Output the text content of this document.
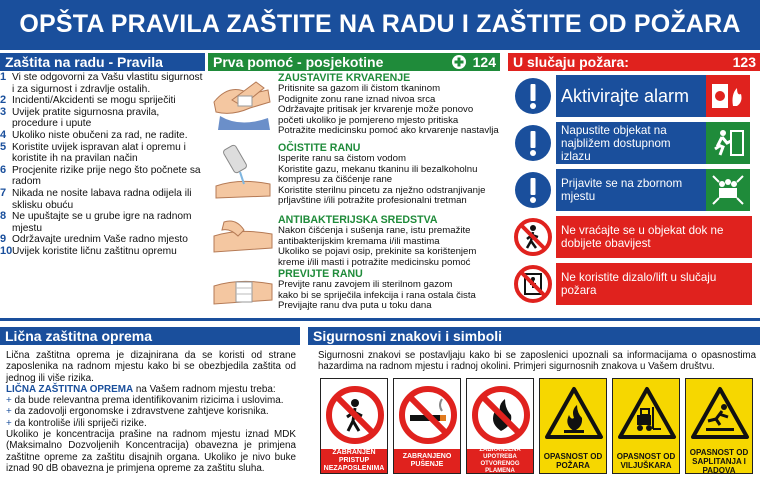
OPŠTA PRAVILA ZAŠTITE NA RADU I ZAŠTITE OD POŽARA
Zaštita na radu - Pravila	Prva pomoć - posjekotine	124	U slučaju požara:	123
1 Vi ste odgovorni za Vašu vlastitu sigurnost i za sigurnost i zdravlje ostalih.
2 Incidenti/Akcidenti se mogu spriječiti
3 Uvijek pratite sigurnosna pravila, procedure i upute
4 Ukoliko niste obučeni za rad, ne radite.
5 Koristite uvijek ispravan alat i opremu i koristite ih na pravilan način
6 Procjenite rizike prije nego što počnete sa radom
7 Nikada ne nosite labava radna odijela ili sklisku obuću
8 Ne upuštajte se u grube igre na radnom mjestu
9 Održavajte urednim Vaše radno mjesto
10 Uvijek koristite ličnu zaštitnu opremu
ZAUSTAVITE KRVARENJE
Pritisnite sa gazom ili čistom tkaninom
Podignite zonu rane iznad nivoa srca
Održavajte pritisak jer krvarenje može ponovo početi ukoliko je pomjereno mjesto pritiska
Potražite medicinsku pomoć ako krvarenje nastavlja
OČISTITE RANU
Isperite ranu sa čistom vodom
Koristite gazu, mekanu tkaninu ili bezalkoholnu kompresu za čišćenje rane
Koristite sterilnu pincetu za nježno odstranjivanje prljavštine i/ili potražite profesionalni tretman
ANTIBAKTERIJSKA SREDSTVA
Nakon čišćenja i sušenja rane, istu premažite antibakterijskim kremama i/ili mastima
Ukoliko se pojavi osip, prekinite sa korištenjem kreme i/ili masti i potražite medicinsku pomoć
PREVIJTE RANU
Previjte ranu zavojem ili sterilnom gazom
kako bi se spriječila infekcija i rana ostala čista
Previjajte ranu dva puta u toku dana
Aktivirajte alarm
Napustite objekat na najbližem dostupnom izlazu
Prijavite se na zbornom mjestu
Ne vraćajte se u objekat dok ne dobijete obavijest
Ne koristite dizalo/lift u slučaju požara
Lična zaštitna oprema	Sigurnosni znakovi i simboli
Lična zaštitna oprema je dizajnirana da se koristi od strane zaposlenika na radnom mjestu kako bi se obezbjedila zaštita od jednog ili više rizika.
LIČNA ZAŠTITNA OPREMA na Vašem radnom mjestu treba:
+ da bude relevantna prema identifikovanim rizicima i uslovima.
+ da zadovolji ergonomske i zdravstvene zahtjeve korisnika.
+ da kontroliše i/ili spriječi rizike.
Ukoliko je koncentracija prašine na radnom mjestu iznad MDK (Maksimalno Dozvoljenih Koncentracija) obavezna je primjena zaštitne opreme za zaštitu disajnih organa. Ukoliko je nivo buke iznad 90 dB obavezna je primjena opreme za zaštitu sluha.
Sigurnosni znakovi se postavljaju kako bi se zaposlenici upoznali sa informacijama o opasnostima hazardima na radnom mjestu i radnoj okolini. Primjeri sigurnosnih znakova u Vašem društvu.
ZABRANJEN PRISTUP NEZAPOSLENIMA
ZABRANJENO PUŠENJE
ZABRANJENA UPOTREBA OTVORENOG PLAMENA
OPASNOST OD POŽARA
OPASNOST OD VILJUŠKARA
OPASNOST OD SAPLITANJA I PADOVA
